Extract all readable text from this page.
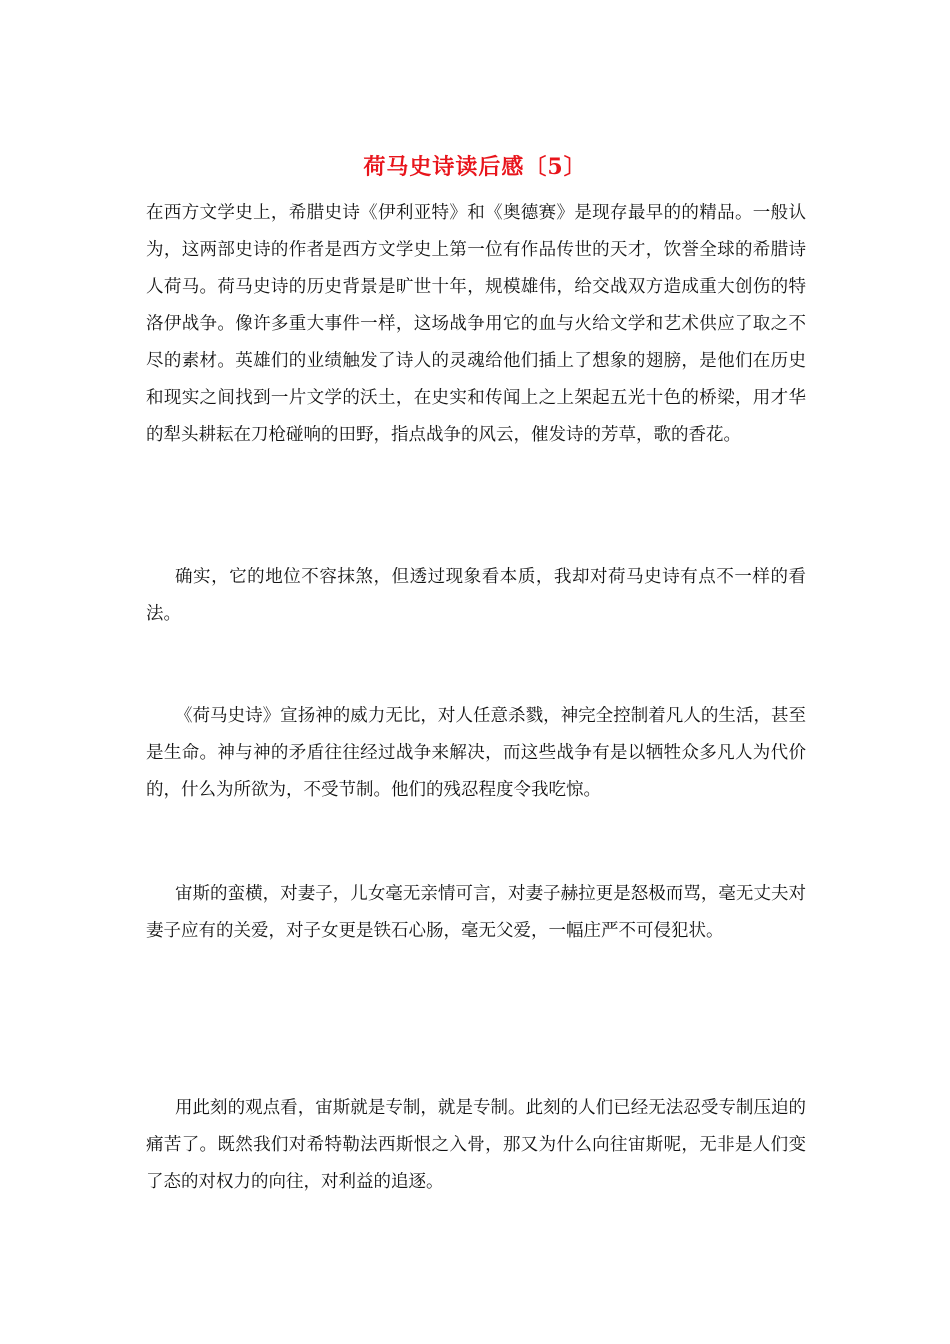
荷马史诗读后感〔5〕

在西方文学史上，希腊史诗《伊利亚特》和《奥德赛》是现存最早的的精品。一般认为，这两部史诗的作者是西方文学史上第一位有作品传世的天才，饮誉全球的希腊诗人荷马。荷马史诗的历史背景是旷世十年，规模雄伟，给交战双方造成重大创伤的特洛伊战争。像许多重大事件一样，这场战争用它的血与火给文学和艺术供应了取之不尽的素材。英雄们的业绩触发了诗人的灵魂给他们插上了想象的翅膀，是他们在历史和现实之间找到一片文学的沃土，在史实和传闻上之上架起五光十色的桥梁，用才华的犁头耕耘在刀枪碰响的田野，指点战争的风云，催发诗的芳草，歌的香花。

确实，它的地位不容抹煞，但透过现象看本质，我却对荷马史诗有点不一样的看法。

《荷马史诗》宣扬神的威力无比，对人任意杀戮，神完全控制着凡人的生活，甚至是生命。神与神的矛盾往往经过战争来解决，而这些战争有是以牺牲众多凡人为代价的，什么为所欲为，不受节制。他们的残忍程度令我吃惊。

宙斯的蛮横，对妻子，儿女毫无亲情可言，对妻子赫拉更是怒极而骂，毫无丈夫对妻子应有的关爱，对子女更是铁石心肠，毫无父爱，一幅庄严不可侵犯状。

用此刻的观点看，宙斯就是专制，就是专制。此刻的人们已经无法忍受专制压迫的痛苦了。既然我们对希特勒法西斯恨之入骨，那又为什么向往宙斯呢，无非是人们变了态的对权力的向往，对利益的追逐。
